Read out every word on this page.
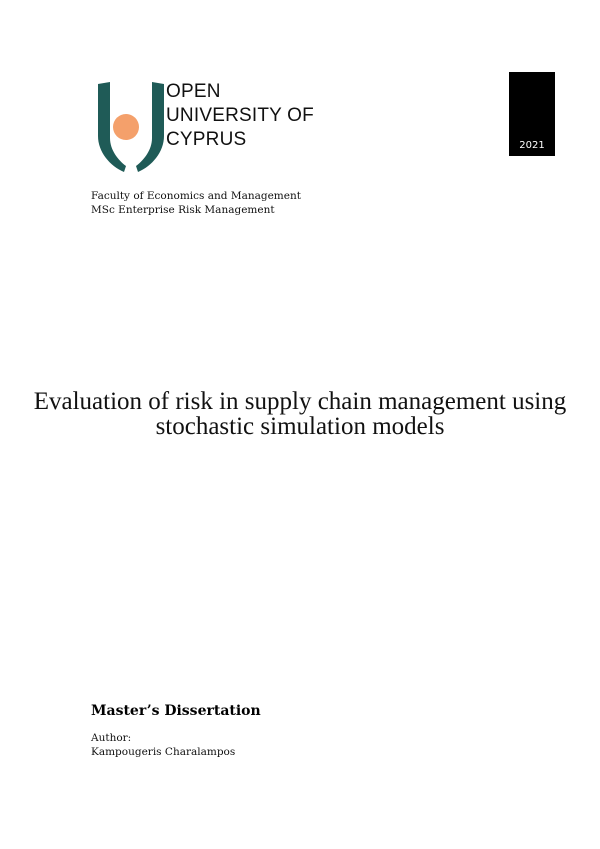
OPEN
UNIVERSITY OF
CYPRUS	2021
Faculty of Economics and Management
MSc Enterprise Risk Management
Evaluation of risk in supply chain management using
stochastic simulation models
Master’s Dissertation
Author:
Kampougeris Charalampos
